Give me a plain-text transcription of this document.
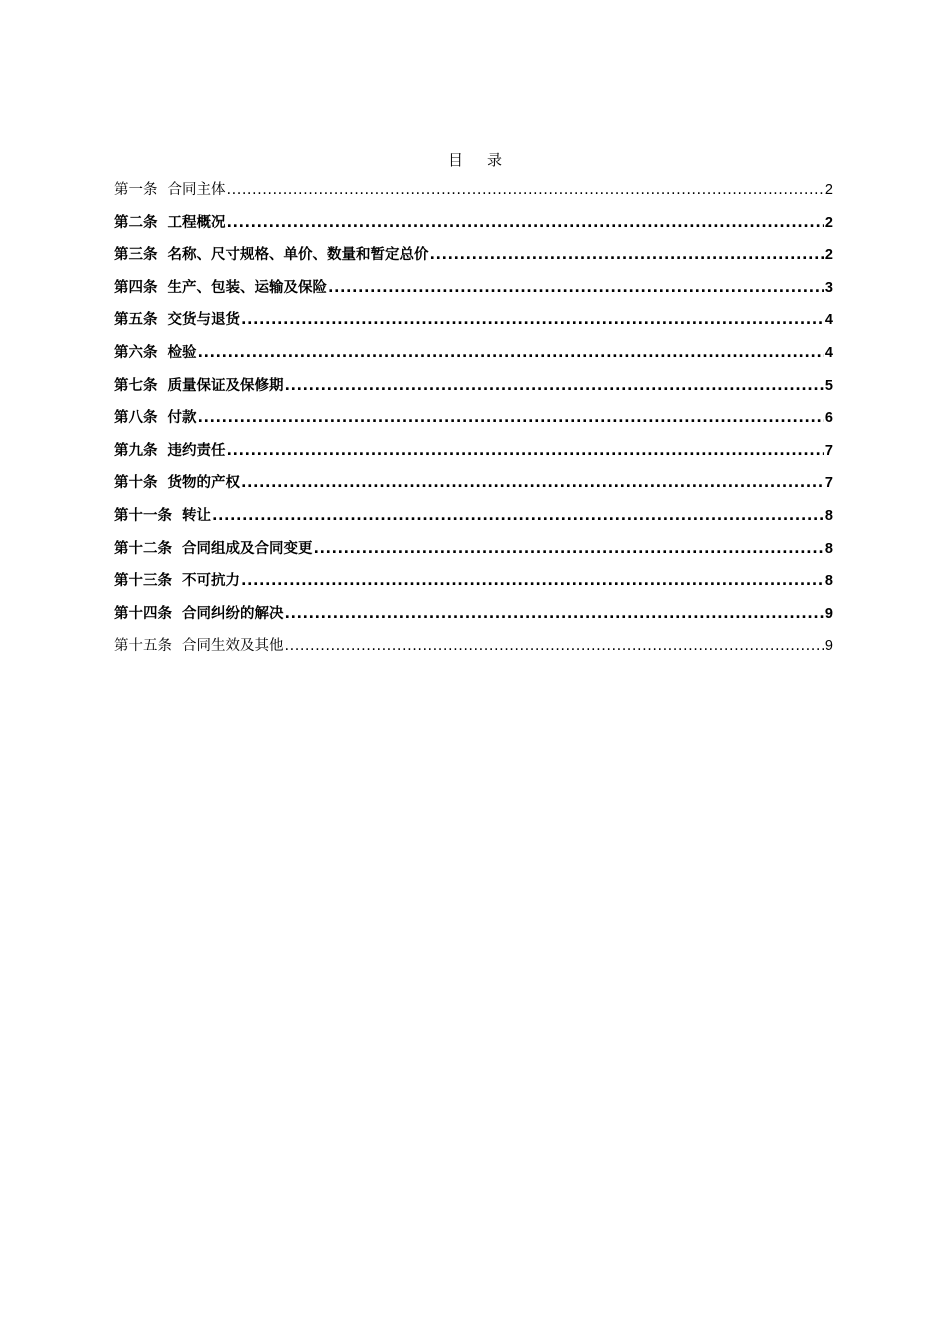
目录
第一条 合同主体 .....	2
第二条 工程概况 .....	2
第三条 名称、尺寸规格、单价、数量和暂定总价 .....	2
第四条 生产、包装、运输及保险 .....	3
第五条 交货与退货 .....	4
第六条 检验 .....	4
第七条 质量保证及保修期 .....	5
第八条 付款 .....	6
第九条 违约责任 .....	7
第十条 货物的产权 .....	7
第十一条 转让 .....	8
第十二条 合同组成及合同变更 .....	8
第十三条 不可抗力 .....	8
第十四条 合同纠纷的解决 .....	9
第十五条 合同生效及其他 .....	9
